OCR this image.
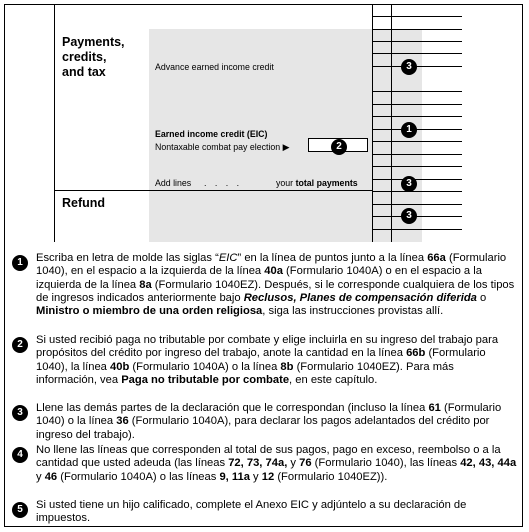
Payments,
credits,
and tax	Advance earned income credit
Earned income credit (EIC)
Nontaxable combat pay election ▶
Add lines . . . .	your total payments
Refund
3
1
2
3
3
1	Escriba en letra de molde las siglas “EIC” en la línea de puntos junto a la línea 66a (Formulario 1040), en el espacio a la izquierda de la línea 40a (Formulario 1040A) o en el espacio a la izquierda de la línea 8a (Formulario 1040EZ). Después, si le corresponde cualquiera de los tipos de ingresos indicados anteriormente bajo Reclusos, Planes de compensación diferida o Ministro o miembro de una orden religiosa, siga las instrucciones provistas allí.
2	Si usted recibió paga no tributable por combate y elige incluirla en su ingreso del trabajo para propósitos del crédito por ingreso del trabajo, anote la cantidad en la línea 66b (Formulario 1040), la línea 40b (Formulario 1040A) o la línea 8b (Formulario 1040EZ). Para más información, vea Paga no tributable por combate, en este capítulo.
3	Llene las demás partes de la declaración que le correspondan (incluso la línea 61 (Formulario 1040) o la línea 36 (Formulario 1040A), para declarar los pagos adelantados del crédito por ingreso del trabajo).
4	No llene las líneas que corresponden al total de sus pagos, pago en exceso, reembolso o a la cantidad que usted adeuda (las líneas 72, 73, 74a, y 76 (Formulario 1040), las líneas 42, 43, 44a y 46 (Formulario 1040A) o las líneas 9, 11a y 12 (Formulario 1040EZ)).
5	Si usted tiene un hijo calificado, complete el Anexo EIC y adjúntelo a su declaración de impuestos.
